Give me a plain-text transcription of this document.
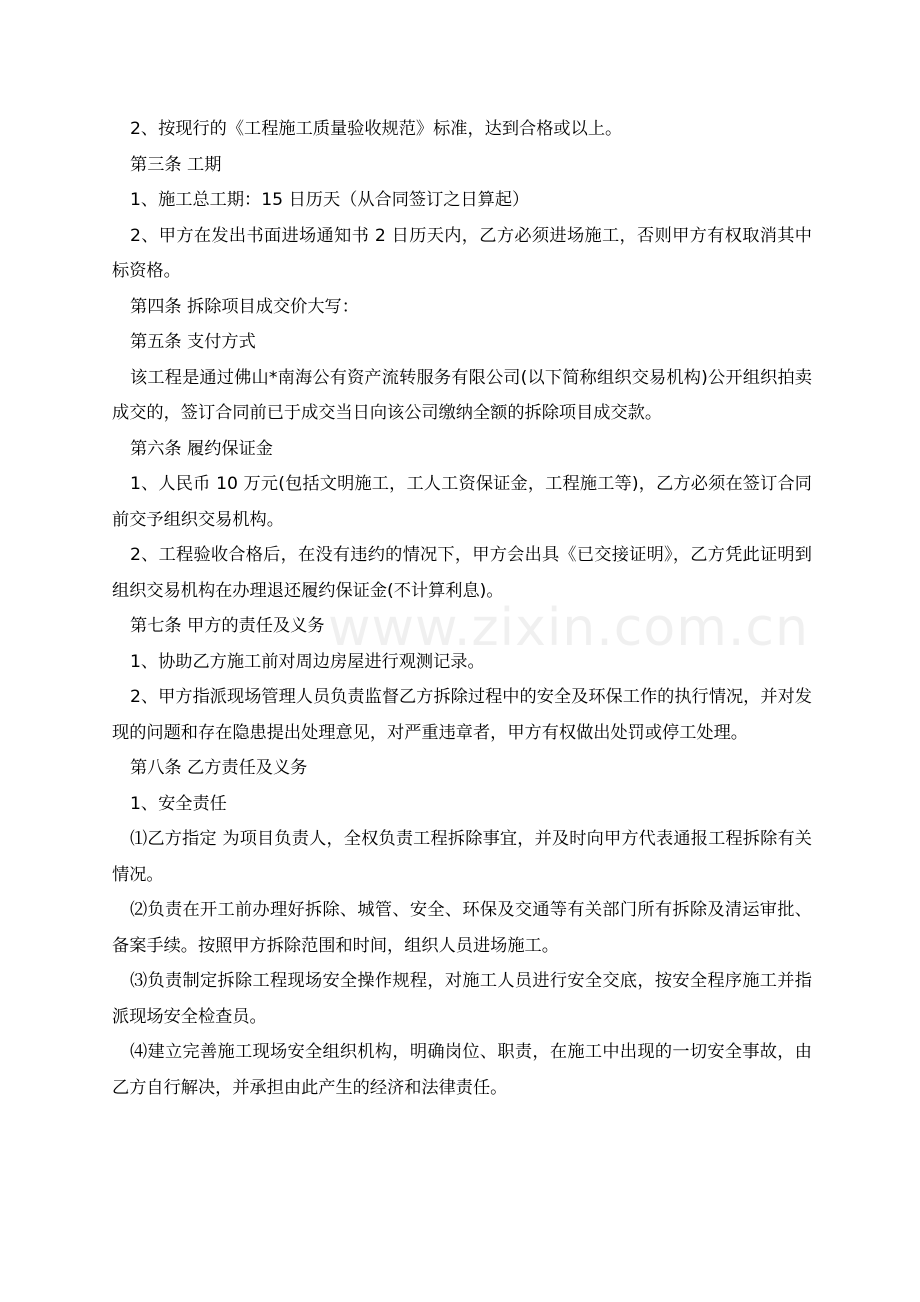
2、按现行的《工程施工质量验收规范》标准，达到合格或以上。

第三条 工期

1、施工总工期：15 日历天（从合同签订之日算起）

2、甲方在发出书面进场通知书 2 日历天内，乙方必须进场施工，否则甲方有权取消其中标资格。

第四条 拆除项目成交价大写：

第五条 支付方式

该工程是通过佛山*南海公有资产流转服务有限公司(以下简称组织交易机构)公开组织拍卖成交的，签订合同前已于成交当日向该公司缴纳全额的拆除项目成交款。

第六条 履约保证金

1、人民币 10 万元(包括文明施工，工人工资保证金，工程施工等)，乙方必须在签订合同前交予组织交易机构。

2、工程验收合格后，在没有违约的情况下，甲方会出具《已交接证明》，乙方凭此证明到组织交易机构在办理退还履约保证金(不计算利息)。

第七条 甲方的责任及义务

1、协助乙方施工前对周边房屋进行观测记录。

2、甲方指派现场管理人员负责监督乙方拆除过程中的安全及环保工作的执行情况，并对发现的问题和存在隐患提出处理意见，对严重违章者，甲方有权做出处罚或停工处理。

第八条 乙方责任及义务

1、安全责任

⑴乙方指定 为项目负责人，全权负责工程拆除事宜，并及时向甲方代表通报工程拆除有关情况。

⑵负责在开工前办理好拆除、城管、安全、环保及交通等有关部门所有拆除及清运审批、备案手续。按照甲方拆除范围和时间，组织人员进场施工。

⑶负责制定拆除工程现场安全操作规程，对施工人员进行安全交底，按安全程序施工并指派现场安全检查员。

⑷建立完善施工现场安全组织机构，明确岗位、职责，在施工中出现的一切安全事故，由乙方自行解决，并承担由此产生的经济和法律责任。

www.zixin.com.cn
